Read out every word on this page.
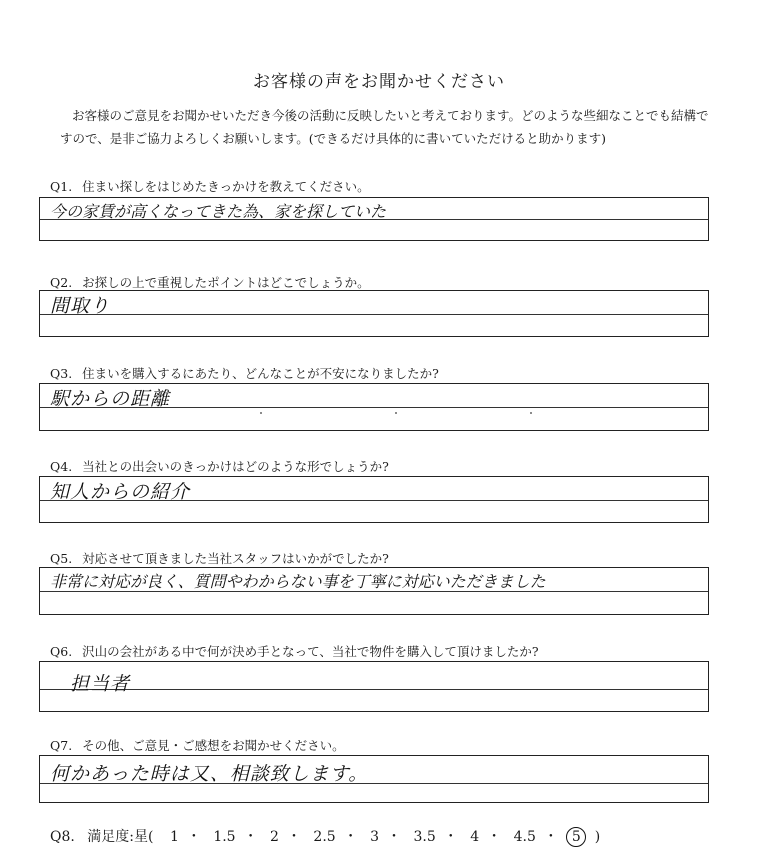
お客様の声をお聞かせください
お客様のご意見をお聞かせいただき今後の活動に反映したいと考えております。どのような些細なことでも結構ですので、是非ご協力よろしくお願いします。(できるだけ具体的に書いていただけると助かります)
Q1. 住まい探しをはじめたきっかけを教えてください。
今の家賃が高くなってきた為、家を探していた
Q2. お探しの上で重視したポイントはどこでしょうか。
間取り
Q3. 住まいを購入するにあたり、どんなことが不安になりましたか?
駅からの距離
Q4. 当社との出会いのきっかけはどのような形でしょうか?
知人からの紹介
Q5. 対応させて頂きました当社スタッフはいかがでしたか?
非常に対応が良く、質問やわからない事を丁寧に対応いただきました
Q6. 沢山の会社がある中で何が決め手となって、当社で物件を購入して頂けましたか?
担当者
Q7. その他、ご意見・ご感想をお聞かせください。
何かあった時は又、相談致します。
Q8. 満足度:星( 1 ・ 1.5 ・ 2 ・ 2.5 ・ 3 ・ 3.5 ・ 4 ・ 4.5 ・ 5 )
